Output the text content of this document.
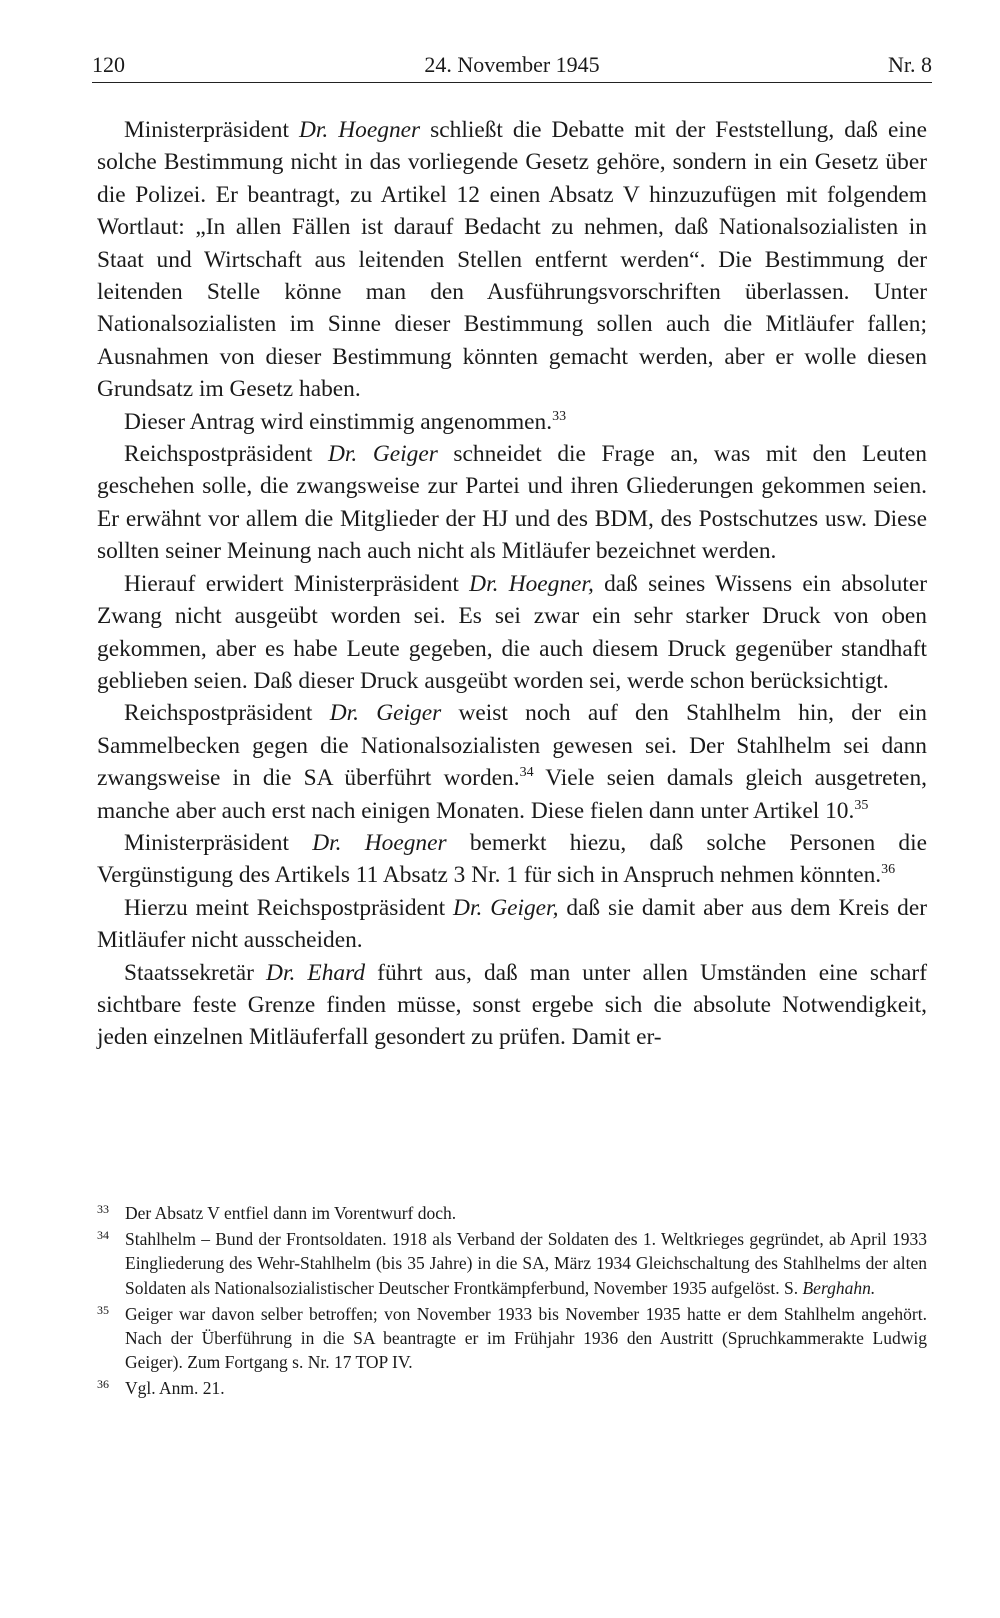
120	24. November 1945	Nr. 8

Ministerpräsident Dr. Hoegner schließt die Debatte mit der Feststellung, daß eine solche Bestimmung nicht in das vorliegende Gesetz gehöre, sondern in ein Gesetz über die Polizei. Er beantragt, zu Artikel 12 einen Absatz V hinzuzufügen mit folgendem Wortlaut: „In allen Fällen ist darauf Bedacht zu nehmen, daß Nationalsozialisten in Staat und Wirtschaft aus leitenden Stellen entfernt werden“. Die Bestimmung der leitenden Stelle könne man den Ausführungsvorschriften überlassen. Unter Nationalsozialisten im Sinne dieser Bestimmung sollen auch die Mitläufer fallen; Ausnahmen von dieser Bestimmung könnten gemacht werden, aber er wolle diesen Grundsatz im Gesetz haben.

Dieser Antrag wird einstimmig angenommen.$^{33}$

Reichspostpräsident Dr. Geiger schneidet die Frage an, was mit den Leuten geschehen solle, die zwangsweise zur Partei und ihren Gliederungen gekommen seien. Er erwähnt vor allem die Mitglieder der HJ und des BDM, des Postschutzes usw. Diese sollten seiner Meinung nach auch nicht als Mitläufer bezeichnet werden.

Hierauf erwidert Ministerpräsident Dr. Hoegner, daß seines Wissens ein absoluter Zwang nicht ausgeübt worden sei. Es sei zwar ein sehr starker Druck von oben gekommen, aber es habe Leute gegeben, die auch diesem Druck gegenüber standhaft geblieben seien. Daß dieser Druck ausgeübt worden sei, werde schon berücksichtigt.

Reichspostpräsident Dr. Geiger weist noch auf den Stahlhelm hin, der ein Sammelbecken gegen die Nationalsozialisten gewesen sei. Der Stahlhelm sei dann zwangsweise in die SA überführt worden.$^{34}$ Viele seien damals gleich ausgetreten, manche aber auch erst nach einigen Monaten. Diese fielen dann unter Artikel 10.35

Ministerpräsident Dr. Hoegner bemerkt hiezu, daß solche Personen die Vergünstigung des Artikels 11 Absatz 3 Nr. 1 für sich in Anspruch nehmen könnten.$^{36}$

Hierzu meint Reichspostpräsident Dr. Geiger, daß sie damit aber aus dem Kreis der Mitläufer nicht ausscheiden.

Staatssekretär Dr. Ehard führt aus, daß man unter allen Umständen eine scharf sichtbare feste Grenze finden müsse, sonst ergebe sich die absolute Notwendigkeit, jeden einzelnen Mitläuferfall gesondert zu prüfen. Damit er-

33 Der Absatz V entfiel dann im Vorentwurf doch.
34 Stahlhelm – Bund der Frontsoldaten. 1918 als Verband der Soldaten des 1. Weltkrieges gegründet, ab April 1933 Eingliederung des Wehr-Stahlhelm (bis 35 Jahre) in die SA, März 1934 Gleichschaltung des Stahlhelms der alten Soldaten als Nationalsozialistischer Deutscher Frontkämpferbund, November 1935 aufgelöst. S. Berghahn.
35 Geiger war davon selber betroffen; von November 1933 bis November 1935 hatte er dem Stahlhelm angehört. Nach der Überführung in die SA beantragte er im Frühjahr 1936 den Austritt (Spruchkammerakte Ludwig Geiger). Zum Fortgang s. Nr. 17 TOP IV.
36 Vgl. Anm. 21.
